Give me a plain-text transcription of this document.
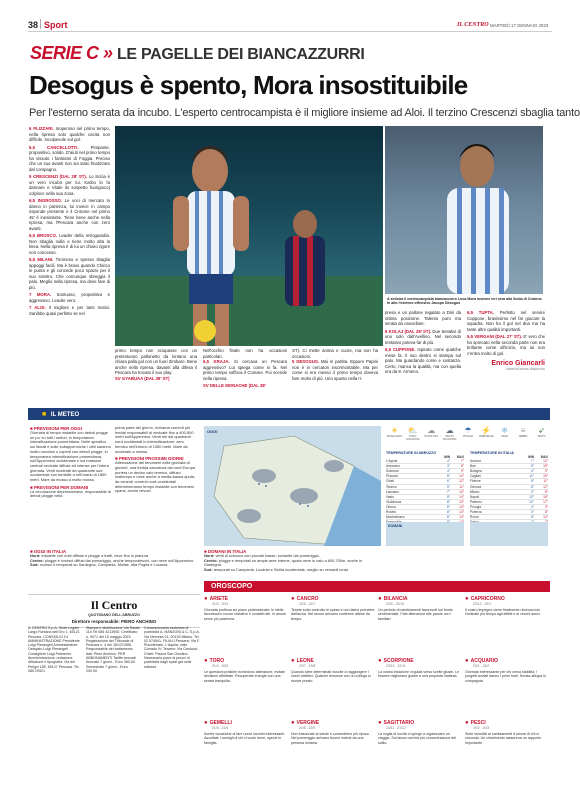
38 Sport	IL CENTRO MARTEDÌ 17 GENNAIO 2023
SERIE C » LE PAGELLE DEI BIANCAZZURRI
Desogus è spento, Mora insostituibile
Per l'esterno serata da incubo. L'esperto centrocampista è il migliore insieme ad Aloi. Il terzino Crescenzi sbaglia tanto
6 PLIZZARI. Inoperoso nel primo tempo, nella ripresa solo qualche uscita non difficile. Incolpevole sul gol.
6,5 CANCELLOTTI. Pimpante, propositivo, solido. D'aiuti nel primo tempo ha vissuto i fantasmi di Foggia. Preciso che un suo avanti non sia stato finalizzato dal compagno.
5 CRESCENZI (DAL 28' ST). Lo Sciòa è un vero incubo per lui. Karbo lo fa dannare e Vitale ilo sospetto fuorigioco) colpisce nella sua zona.
6,5 INGROSSO. Le voci di mercato lo danno in partenza, lui invece in campo risponde presente e il Crotone nel primo 45' è inesistente. Tiene bene anche nella ripresa, ma l'Pescara anche con zero avanti.
6,5 BROSCO. Leader della retroguardia. Non sbaglia nulla e tiene molto alta la linea. Nella ripresa è di lui un chiaro rigore non concesso.
5,5 MILANI. Tiromeso e spesso sbaglia appoggi facili. Ma è bravo quando Chirico le punta e gli concede poco spazio per il suo sinistro. Che comunque sbreggia il palo. Meglio nella ripresa, ma deve fare di più.
7 MORA. Sontuoso, propositivo e aggressivo. Leader vero.
7 ALOI. Il migliore e per tanti motivi. Sanibbe quasi perfetto se nel
A sinistra il centrocampista biancazzurro Luca Mora insieme ieri sera alla Sciòa di Crotone. In alto l'esterno offensivo Jacopo Desogus
primo tempo non sciupasse con un pretestuoso pallonetto da lontano una chiara palla gol con un fuori Zimbaro. Bene anche nella ripresa, davanti alla difesa il Pescara ha trovato il suo play.
SV GYABUAA (DAL 38' ST)
Nell'occhio finale non ha occasioni particolari.
6,5 KRAJA. Si cercava un Pescara aggressivo? Lui spiega come si fa. Nel primo tempo soffoca il Crotone. Poi scende nella ripresa.
SV DELLE MONACHE (DAL 38'
ST). Ci mette anima e cuore, ma non ha occasioni.
5 DESOGUS. Mai in partita. Eppure Papini non è in cercatori insormontabile. Ma per come si era messo il primo tempo doveva fare molto di più. Uno spunto nella ri-
presa e un pallone regalato a Dini da ottima posizione. Talento puro ma serata da cancellare.
6 KOLAJ (DAL 28' ST). Due tentativi di uno solo dall'Avellino. Nel secondo tentativo poteva far di più.
6,5 CUPPONE. Ispirato come qualche mese fa. Il suo destro si stampa sul palo. Ma guardando corse e sostanza. Certo, manca la qualità, ma con quella era da 8. Armeno.
6,5 TUPTA. Perfetto nel servire Cuppone, bravissimo nel far giocare la squadra. Non ha il gol nel dna ma ha tante altre qualità importanti.
5,5 VERGANI (DAL 27' ST). E' vero che ha sprecato nella seconda parte non era brillante come all'inizio, ma lui non c'entra molto di gol.
Enrico Giancarli
©RIPRODUZIONE RISERVATA
■ IL METEO
■ PREVISIONI PER OGGI
Giornata di tempo instabile con deboli piogge un po' su tutti i settori, in temporanea intensificazione pomeridiana. Nelle specifico sui litorali e sulle subappenniche i cieli saranno molto nuvolosi o coperti con deboli piogge, in temporanea intensificazione pomeridiana, sull'Appennino occidentale e sui massicci centrali nevicate diffuse ed intense per l'intera giornata. Venti moderati da quadrante sud occidentale con temibile a nell'orario di 1850 metri. Mare da mosso a molto mosso.
■ PREVISIONI PER DOMANI
La circolazione depressionaria, responsabile di deboli piogge nella
prima parte del giorno, richiama correnti più fredde responsabili di nevicate fino a 400-500 metri sull'Appennino. Venti nei dai quadranti nord occidentali in intensificazione; zero termico nell'intorno di 1350 metri. Mare da moderato a mosso.
■ PREVISIONI PROSSIMI GIORNI
Attenuazione dei fenomeni nella giornata di giovedì, una fredda saccatura dal nord Europa porterà un deciso calo termico, diffuso maltempo e neve anche a media-bassa quota; da venerdì correnti nord-occidentali determineranno tempo instabile con fenomeni sparsi, anche nevosi.
OGGI	☀
SOLEGGIATO
⛅
POCO NUVOLOSO
☁
NUVOLOSO
☁
MOLTO NUVOLOSO
☂
PIOGGIA
⚡
TEMPORALE
❄
NEVE
≡
NEBBIA
➶
VENTO
TEMPERATURE IN ABRUZZO
MIN	MAX
L'Aquila	4°	7°
Avezzano	3°	8°
Sulmona	4°	9°
Pescara	8°	14°
Chieti	6°	12°
Teramo	5°	11°
Lanciano	7°	13°
Vasto	8°	14°
Giulianova	8°	13°
Ortona	8°	14°
Roseto	8°	13°
Montesilvano	8°	14°
TEMPERATURE IN ITALIA
MIN	MAX
Ancona	7°	12°
Bari	9°	15°
Bologna	4°	9°
Cagliari	11°	15°
Firenze	5°	11°
Genova	8°	12°
Milano	3°	8°
Napoli	10°	15°
Palermo	12°	17°
Perugia	4°	9°
Potenza	3°	8°
Roma	8°	14°
DOMANI
■ OGGI IN ITALIA
Nord: instabile con nubi diffuse e piogge a tratti, neve fino in pianura.
Centro: piogge e rovesci diffusi dal pomeriggio, anche temporaleschi, con neve sull'Appennino.
Sud: rovesci e temporali su Sardegna, Campania, Molise, alta Puglia e Lucania.
■ DOMANI IN ITALIA
Nord: venti di scirocco con piovute basse; schiarite dal pomeriggio.
Centro: piogge e temporali su ampie aree interne, quota neve in calo a 600-700m, anche in Sardegna.
Sud: temporali su Campania, Lucania e Sicilia occidentale, meglio su versanti ionici.
Il Centro
QUOTIDIANO DELL'ABRUZZO
Direttore responsabile: PIERO ANCHINO
IL CENTRO S.p.A. Sede Legale Largo Fontana dell'Oro 1, 65121 Pescara. CONSIGLIO DI AMMINISTRAZIONE Presidente Luigi Pierangeli Amministratore Delegato Luigi Pierangeli Consigliere Luigi Palmerini. Amministrazione, redazione, diffusione e tipografia: Via dei Peligni 185, 65127 Pescara. Tel. 085 20521.
Stampa e distribuzione Via Raiale 110 Tel 085 4213900. Certificato n. 9071 del 15 maggio 2023. Registrazione del Tribunale di Pescara n. 4 del 18/12/1985. Responsabile del trattamento dati: Piero Anchino. PER ABBONAMENTI Tariffe annuali: Annuale 7 giorni - Euro 380,00. Semestrale 7 giorni - Euro 200,00.
Concessionaria esclusiva di pubblicità A. MANZONI & C. S.p.A. Via Nervesa 21, 20139 Milano. Tel. 02 574941. FILIALI Pescara: Via F. Pizzoferrato. L'Aquila: viale Corrado IV. Teramo: Via Carducci. Chieti: Piazza San Giustino. Necessaria porre ai prezzi di pubblicità dagli spazi già nelle edizioni.
OROSCOPO
● ARIETE
21/3 - 20/4
Giornata proficua sul piano professionale: le stelle favoriscono nuove iniziative e contatti utili. In amore serve più pazienza.
● TORO
21/4 - 20/5
Le questioni pratiche richiedono attenzione, evitate decisioni affrettate. Recuperate energie con una serata tranquilla.
● GEMELLI
21/5 - 21/6
Avrete occasione di fare nuovi incontri interessanti. Ascoltate i consigli di chi vi vuole bene, specie in famiglia.
● CANCRO
22/6 - 22/7
Tenete sotto controllo le spese e non fatevi prendere dall'ansia. Nel lavoro arrivano conferme attese da tempo.
● LEONE
23/7 - 23/8
Quando siete determinati riuscite a raggiungere i vostri obiettivi. Qualche tensione con un collega si risolve presto.
● VERGINE
24/8 - 22/9
Non trascurate la salute e concedetevi più riposo. Nel pomeriggio arrivano buone notizie da una persona lontana.
● BILANCIA
23/9 - 22/10
Un periodo di cambiamenti favorevoli sul fronte sentimentale. Fate attenzione alle parole con i familiari.
● SCORPIONE
23/10 - 22/11
La vostra intuizione vi guida verso scelte giuste. Le finanze migliorano grazie a una proposta inattesa.
● SAGITTARIO
23/11 - 21/12
La voglia di novità vi spinge a organizzare un viaggio. Sul lavoro servirà più concentrazione del solito.
● CAPRICORNO
22/12 - 19/1
Il vostro impegno viene finalmente riconosciuto. Dedicate più tempo agli affetti e ai vecchi amici.
● ACQUARIO
20/1 - 18/2
Giornata interessante per chi cerca stabilità: i progetti avviati danno i primi frutti. Serata allegra in compagnia.
● PESCI
19/2 - 20/3
Siete sensibili ai cambiamenti d'umore di chi vi circonda. Un chiarimento rasserena un rapporto importante.
